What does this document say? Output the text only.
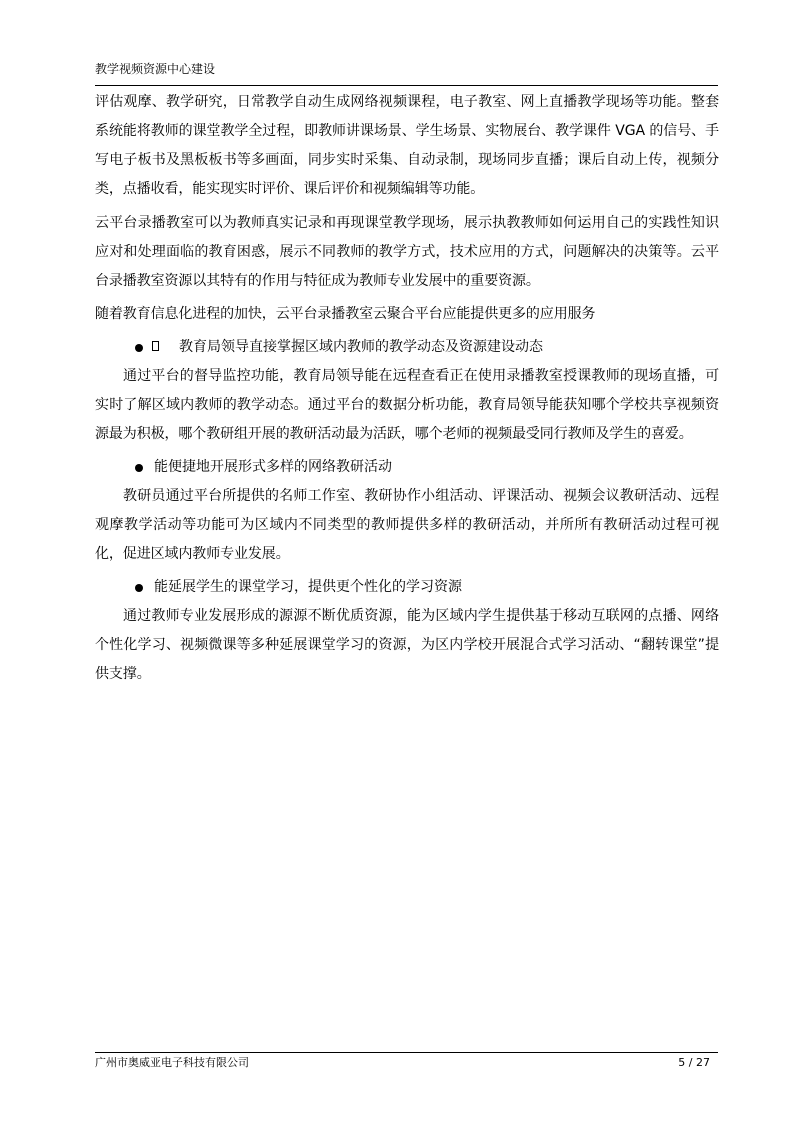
教学视频资源中心建设

评估观摩、教学研究，日常教学自动生成网络视频课程，电子教室、网上直播教学现场等功能。整套系统能将教师的课堂教学全过程，即教师讲课场景、学生场景、实物展台、教学课件 VGA 的信号、手写电子板书及黑板板书等多画面，同步实时采集、自动录制，现场同步直播；课后自动上传，视频分类，点播收看，能实现实时评价、课后评价和视频编辑等功能。

云平台录播教室可以为教师真实记录和再现课堂教学现场，展示执教教师如何运用自己的实践性知识应对和处理面临的教育困惑，展示不同教师的教学方式，技术应用的方式，问题解决的决策等。云平台录播教室资源以其特有的作用与特征成为教师专业发展中的重要资源。

随着教育信息化进程的加快，云平台录播教室云聚合平台应能提供更多的应用服务

教育局领导直接掌握区域内教师的教学动态及资源建设动态

通过平台的督导监控功能，教育局领导能在远程查看正在使用录播教室授课教师的现场直播，可实时了解区域内教师的教学动态。通过平台的数据分析功能，教育局领导能获知哪个学校共享视频资源最为积极，哪个教研组开展的教研活动最为活跃，哪个老师的视频最受同行教师及学生的喜爱。

能便捷地开展形式多样的网络教研活动

教研员通过平台所提供的名师工作室、教研协作小组活动、评课活动、视频会议教研活动、远程观摩教学活动等功能可为区域内不同类型的教师提供多样的教研活动，并所所有教研活动过程可视化，促进区域内教师专业发展。

能延展学生的课堂学习，提供更个性化的学习资源

通过教师专业发展形成的源源不断优质资源，能为区域内学生提供基于移动互联网的点播、网络个性化学习、视频微课等多种延展课堂学习的资源，为区内学校开展混合式学习活动、“翻转课堂”提供支撑。

广州市奥威亚电子科技有限公司	5 / 27
